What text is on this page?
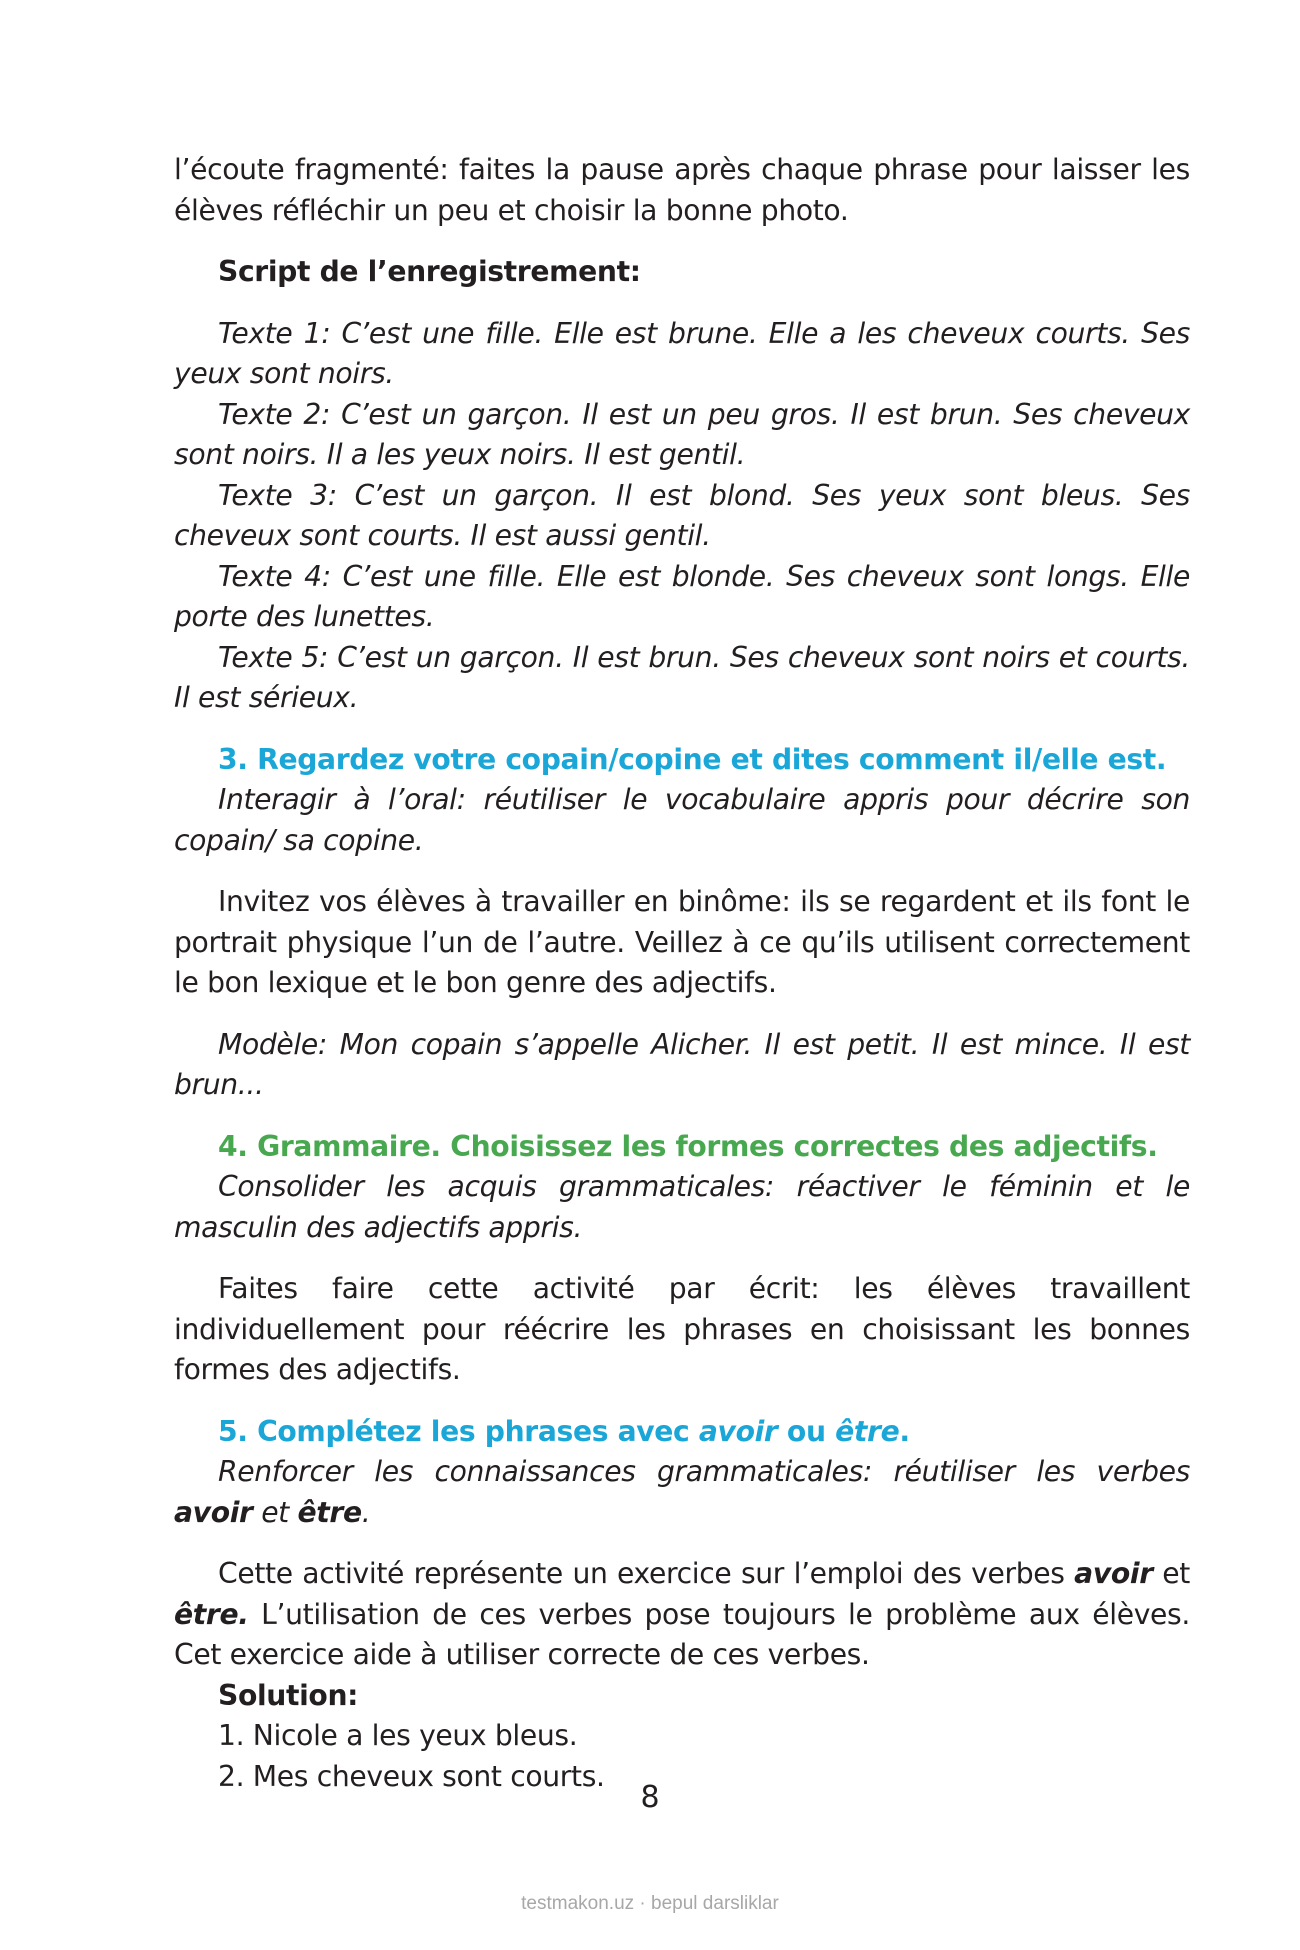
l’écoute fragmenté: faites la pause après chaque phrase pour laisser les

élèves réfléchir un peu et choisir la bonne photo.

Script de l’enregistrement:

Texte 1: C’est une fille. Elle est brune. Elle a les cheveux courts. Ses yeux sont noirs.

Texte 2: C’est un garçon. Il est un peu gros. Il est brun. Ses cheveux sont noirs. Il a les yeux noirs. Il est gentil.

Texte 3: C’est un garçon. Il est blond. Ses yeux sont bleus. Ses cheveux sont courts. Il est aussi gentil.

Texte 4: C’est une fille. Elle est blonde. Ses cheveux sont longs. Elle porte des lunettes.

Texte 5: C’est un garçon. Il est brun. Ses cheveux sont noirs et courts. Il est sérieux.

3. Regardez votre copain/copine et dites comment il/elle est.

Interagir à l’oral: réutiliser le vocabulaire appris pour décrire son copain/ sa copine.

Invitez vos élèves à travailler en binôme: ils se regardent et ils font le portrait physique l’un de l’autre. Veillez à ce qu’ils utilisent correctement le bon lexique et le bon genre des adjectifs.

Modèle: Mon copain s’appelle Alicher. Il est petit. Il est mince. Il est brun...

4. Grammaire. Choisissez les formes correctes des adjectifs.

Consolider les acquis grammaticales: réactiver le féminin et le masculin des adjectifs appris.

Faites faire cette activité par écrit: les élèves travaillent individuellement pour réécrire les phrases en choisissant les bonnes formes des adjectifs.

5. Complétez les phrases avec avoir ou être.

Renforcer les connaissances grammaticales: réutiliser les verbes avoir et être.

Cette activité représente un exercice sur l’emploi des verbes avoir et être. L’utilisation de ces verbes pose toujours le problème aux élèves. Cet exercice aide à utiliser correcte de ces verbes.

Solution:

1. Nicole a les yeux bleus.

2. Mes cheveux sont courts.

8
testmakon.uz · bepul darsliklar
